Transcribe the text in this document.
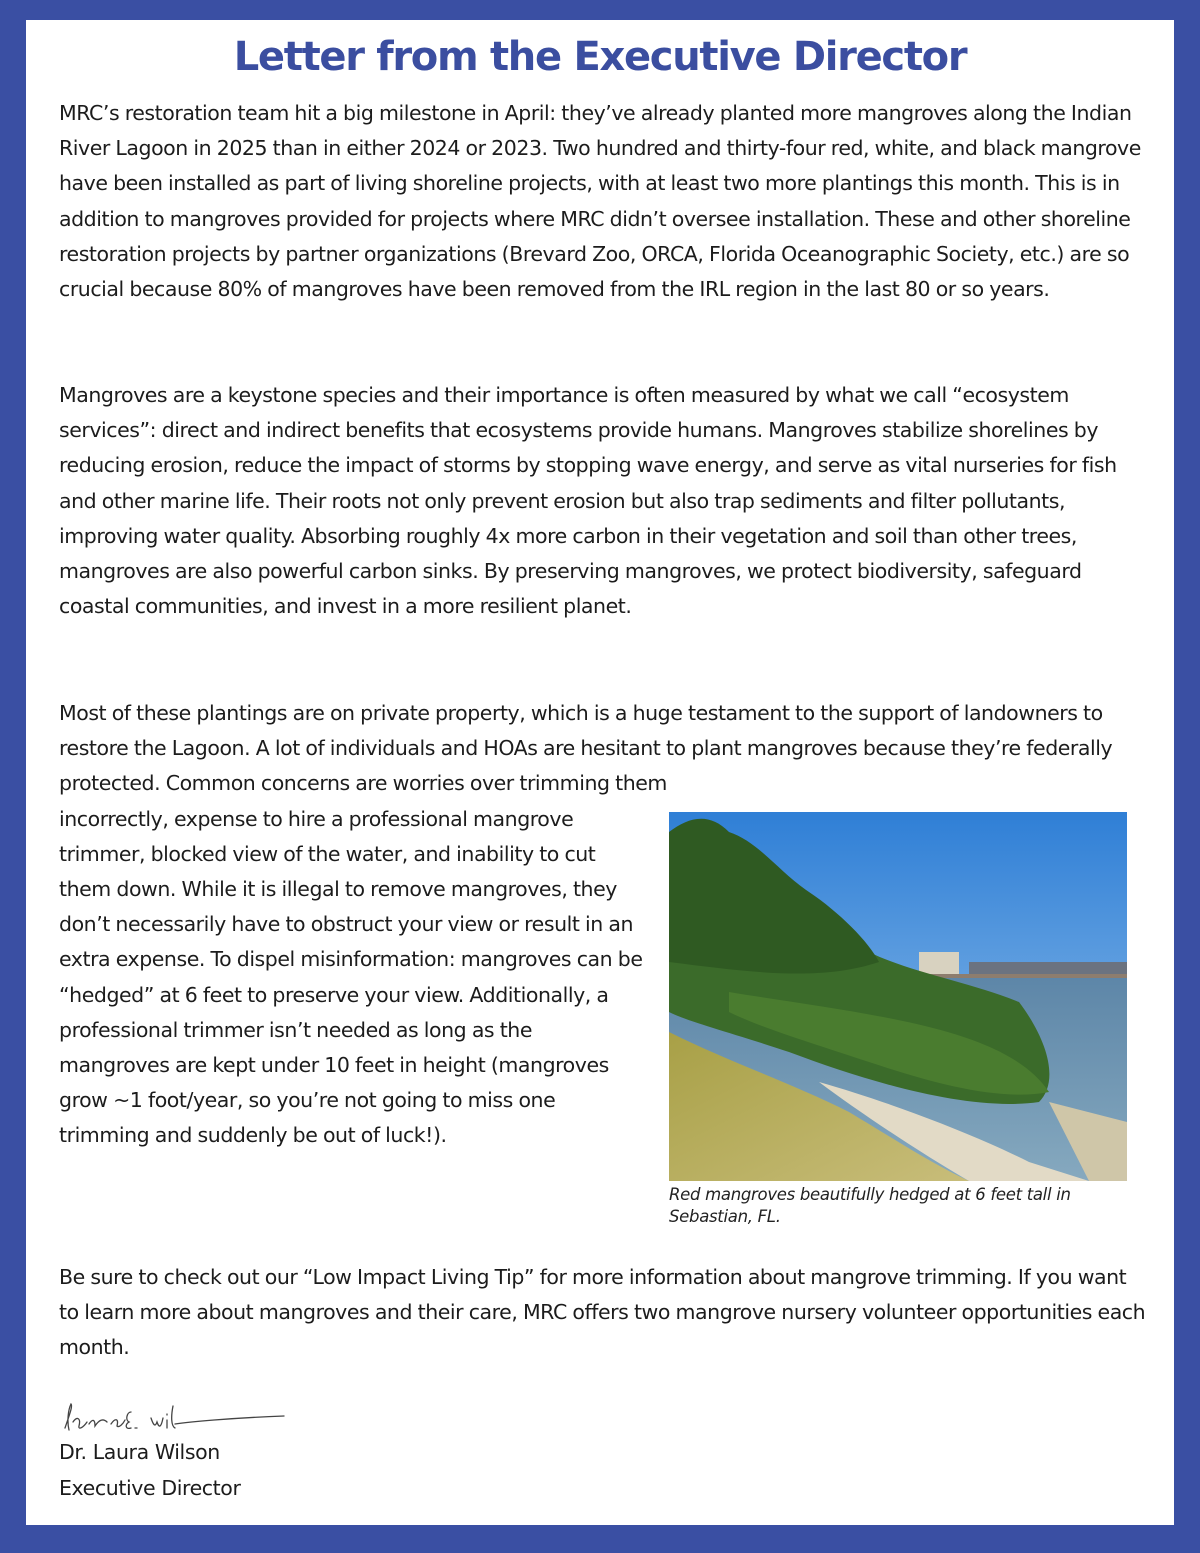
Letter from the Executive Director

MRC’s restoration team hit a big milestone in April: they’ve already planted more mangroves along the Indian River Lagoon in 2025 than in either 2024 or 2023. Two hundred and thirty-four red, white, and black mangrove have been installed as part of living shoreline projects, with at least two more plantings this month. This is in addition to mangroves provided for projects where MRC didn’t oversee installation. These and other shoreline restoration projects by partner organizations (Brevard Zoo, ORCA, Florida Oceanographic Society, etc.) are so crucial because 80% of mangroves have been removed from the IRL region in the last 80 or so years.

Mangroves are a keystone species and their importance is often measured by what we call “ecosystem services”: direct and indirect benefits that ecosystems provide humans. Mangroves stabilize shorelines by reducing erosion, reduce the impact of storms by stopping wave energy, and serve as vital nurseries for fish and other marine life. Their roots not only prevent erosion but also trap sediments and filter pollutants, improving water quality. Absorbing roughly 4x more carbon in their vegetation and soil than other trees, mangroves are also powerful carbon sinks. By preserving mangroves, we protect biodiversity, safeguard coastal communities, and invest in a more resilient planet.

Most of these plantings are on private property, which is a huge testament to the support of landowners to restore the Lagoon. A lot of individuals and HOAs are hesitant to plant mangroves because they’re federally protected. Common concerns are worries over trimming them
incorrectly, expense to hire a professional mangrove trimmer, blocked view of the water, and inability to cut them down. While it is illegal to remove mangroves, they don’t necessarily have to obstruct your view or result in an extra expense. To dispel misinformation: mangroves can be “hedged” at 6 feet to preserve your view. Additionally, a professional trimmer isn’t needed as long as the mangroves are kept under 10 feet in height (mangroves grow ~1 foot/year, so you’re not going to miss one trimming and suddenly be out of luck!).

Red mangroves beautifully hedged at 6 feet tall in Sebastian, FL.

Be sure to check out our “Low Impact Living Tip” for more information about mangrove trimming. If you want to learn more about mangroves and their care, MRC offers two mangrove nursery volunteer opportunities each month.

Dr. Laura Wilson

Executive Director
